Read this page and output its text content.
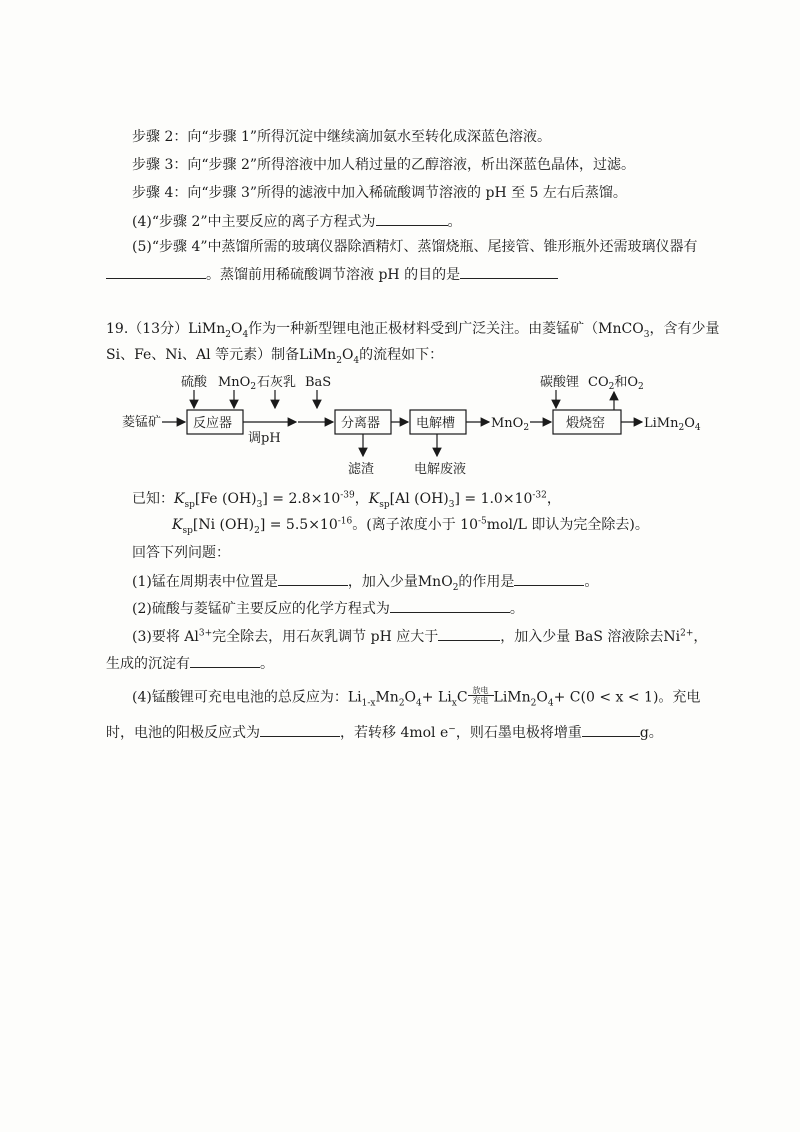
步骤 2：向“步骤 1”所得沉淀中继续滴加氨水至转化成深蓝色溶液。
步骤 3：向“步骤 2”所得溶液中加人稍过量的乙醇溶液，析出深蓝色晶体，过滤。
步骤 4：向“步骤 3”所得的滤液中加入稀硫酸调节溶液的 pH 至 5 左右后蒸馏。
(4)“步骤 2”中主要反应的离子方程式为	。
(5)“步骤 4”中蒸馏所需的玻璃仪器除酒精灯、蒸馏烧瓶、尾接管、锥形瓶外还需玻璃仪器有
。蒸馏前用稀硫酸调节溶液 pH 的目的是
19.（13分）$LiMn_2O_4$作为一种新型锂电池正极材料受到广泛关注。由菱锰矿（MnCO$_3$，含有少量
Si、Fe、Ni、Al 等元素）制备$LiMn_2O_4$的流程如下：
硫酸 MnO$_2$ 石灰乳 BaS	碳酸锂 $CO_2$和$O_2$
菱锰矿 反应器
调pH
分离器
滤渣
电解槽
电解废液
MnO$_2$	煅烧窑	$LiMn_2O_4$
已知：$K_{sp}[Fe$ $(OH)_3] = 2.8\times 10^{-39}$，$K_{sp}[Al$ $(OH)_3] = 1.0\times 10^{-32}$，
$K_{sp}[Ni$ $(OH)_2] = 5.5\times 10^{-16}$。(离子浓度小于 $10^{-5}mol/L$ 即认为完全除去)。
回答下列问题：
(1)锰在周期表中位置是	，加入少量MnO$_2$的作用是	。
(2)硫酸与菱锰矿主要反应的化学方程式为	。
(3)要将 $Al^{3+}$完全除去，用石灰乳调节 pH 应大于	，加入少量 BaS 溶液除去$Ni^{2+}$，
生成的沉淀有	。
(4)锰酸锂可充电电池的总反应为：$Li_{1-x}Mn_2O_4+ Li_xC \frac{\text{放电}}{\text{充电}}$ $LiMn_2O_4+ C(0 < x < 1)$。充电
时，电池的阳极反应式为	，若转移 4mol e−，则石墨电极将增重	g。
